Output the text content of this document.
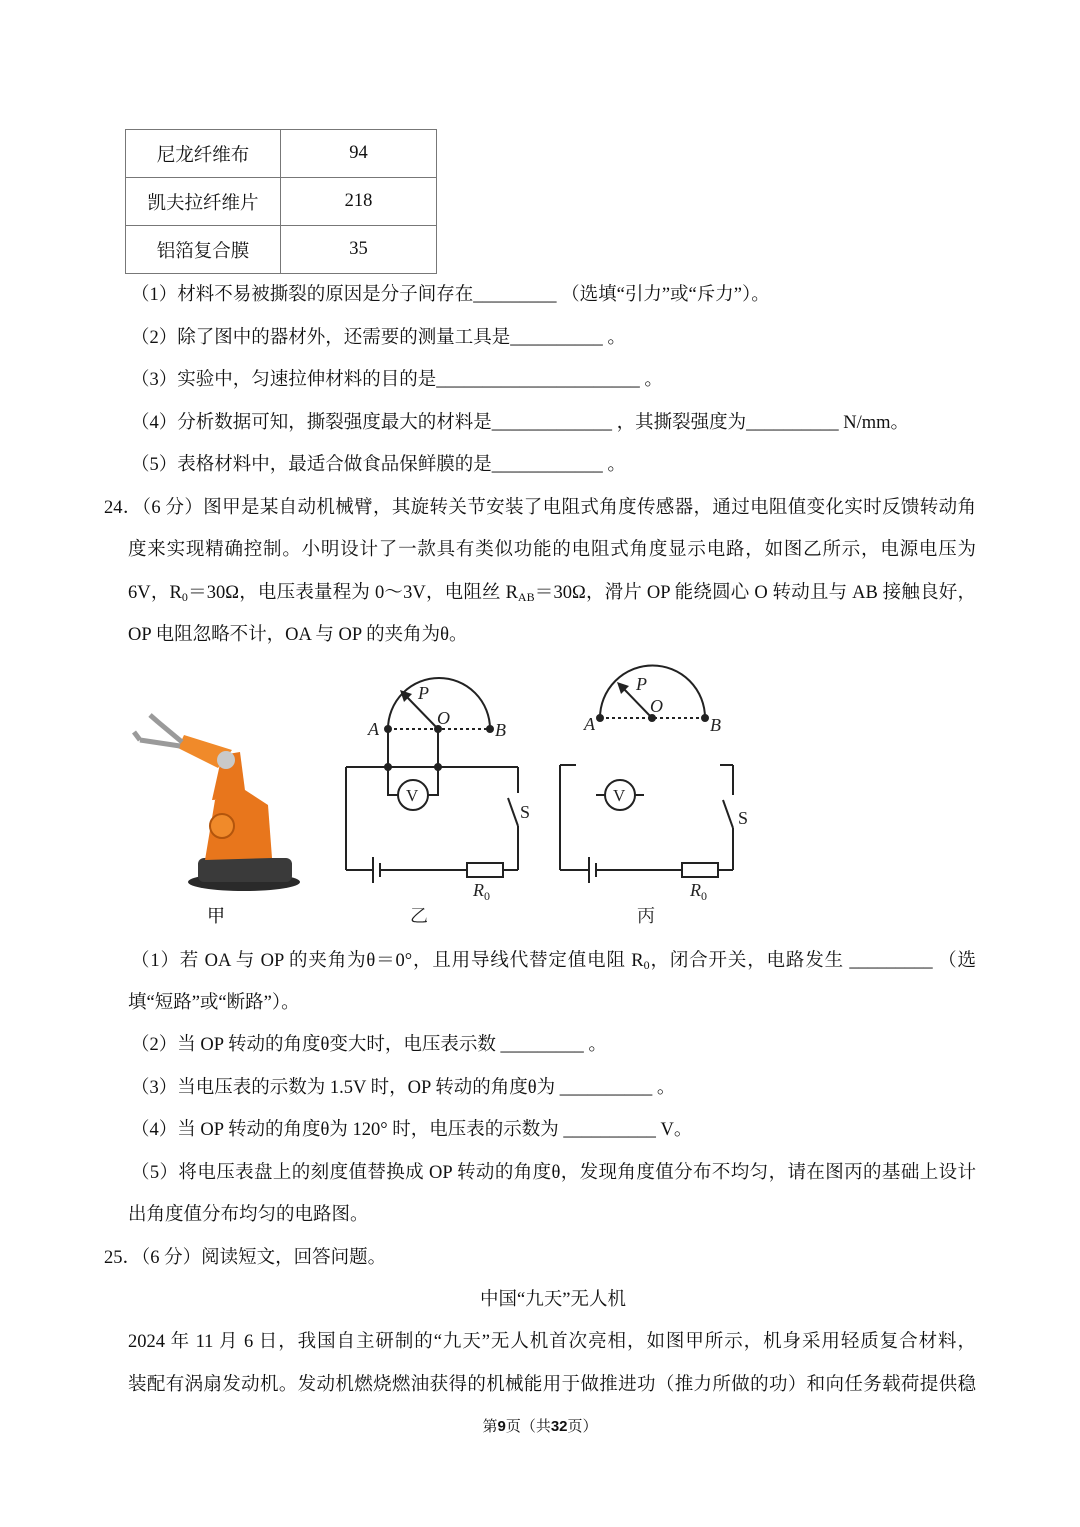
尼龙纤维布	94
凯夫拉纤维片	218
铝箔复合膜	35
（1）材料不易被撕裂的原因是分子间存在_________ （选填“引力”或“斥力”）。
（2）除了图中的器材外，还需要的测量工具是__________ 。
（3）实验中，匀速拉伸材料的目的是______________________ 。
（4）分析数据可知，撕裂强度最大的材料是_____________ ，其撕裂强度为__________ N/mm。
（5）表格材料中，最适合做食品保鲜膜的是____________ 。
24．（6 分）图甲是某自动机械臂，其旋转关节安装了电阻式角度传感器，通过电阻值变化实时反馈转动角
度来实现精确控制。小明设计了一款具有类似功能的电阻式角度显示电路，如图乙所示，电源电压为
6V，$R_0=30\Omega$，电压表量程为 0～3V，电阻丝 $R_{AB}=30\Omega$，滑片 OP 能绕圆心 O 转动且与 AB 接触良好，
OP 电阻忽略不计，OA 与 OP 的夹角为θ。
甲
A	B
O
P
S
$R_0$
V
乙
A	B
O
P
S
$R_0$
V
丙
（1）若 OA 与 OP 的夹角为θ＝0°，且用导线代替定值电阻 $R_0$，闭合开关，电路发生 _________ （选
填“短路”或“断路”）。
（2）当 OP 转动的角度θ变大时，电压表示数 _________ 。
（3）当电压表的示数为 1.5V 时，OP 转动的角度θ为 __________ 。
（4）当 OP 转动的角度θ为 120° 时，电压表的示数为 __________ V。
（5）将电压表盘上的刻度值替换成 OP 转动的角度θ，发现角度值分布不均匀，请在图丙的基础上设计
出角度值分布均匀的电路图。
25．（6 分）阅读短文，回答问题。
中国“九天”无人机
2024 年 11 月 6 日，我国自主研制的“九天”无人机首次亮相，如图甲所示，机身采用轻质复合材料，
装配有涡扇发动机。发动机燃烧燃油获得的机械能用于做推进功（推力所做的功）和向任务载荷提供稳
第9页（共32页）
